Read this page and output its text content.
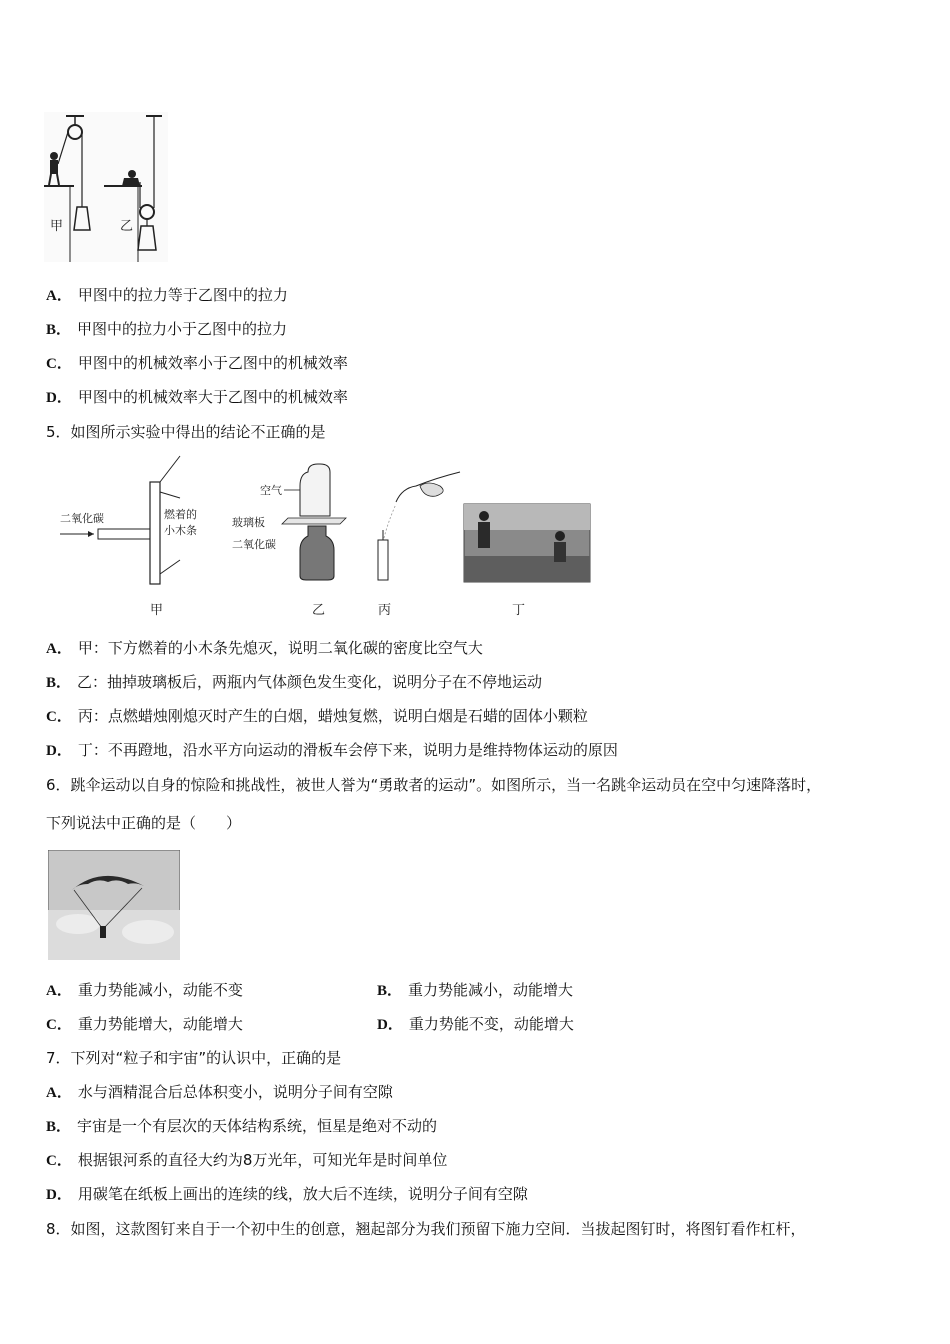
甲	乙
A． 甲图中的拉力等于乙图中的拉力
B． 甲图中的拉力小于乙图中的拉力
C． 甲图中的机械效率小于乙图中的机械效率
D． 甲图中的机械效率大于乙图中的机械效率
5．如图所示实验中得出的结论不正确的是
二氧化碳	燃着的
小木条
甲
空气
玻璃板
二氧化碳
乙	丙	丁
A． 甲：下方燃着的小木条先熄灭，说明二氧化碳的密度比空气大
B． 乙：抽掉玻璃板后，两瓶内气体颜色发生变化，说明分子在不停地运动
C． 丙：点燃蜡烛刚熄灭时产生的白烟，蜡烛复燃，说明白烟是石蜡的固体小颗粒
D． 丁：不再蹬地，沿水平方向运动的滑板车会停下来，说明力是维持物体运动的原因
6．跳伞运动以自身的惊险和挑战性，被世人誉为“勇敢者的运动”。如图所示，当一名跳伞运动员在空中匀速降落时，
下列说法中正确的是（　　）
A． 重力势能减小，动能不变	B． 重力势能减小，动能增大
C． 重力势能增大，动能增大	D． 重力势能不变，动能增大
7．下列对“粒子和宇宙”的认识中，正确的是
A． 水与酒精混合后总体积变小，说明分子间有空隙
B． 宇宙是一个有层次的天体结构系统，恒星是绝对不动的
C． 根据银河系的直径大约为8万光年，可知光年是时间单位
D． 用碳笔在纸板上画出的连续的线，放大后不连续，说明分子间有空隙
8．如图，这款图钉来自于一个初中生的创意，翘起部分为我们预留下施力空间．当拔起图钉时，将图钉看作杠杆，
